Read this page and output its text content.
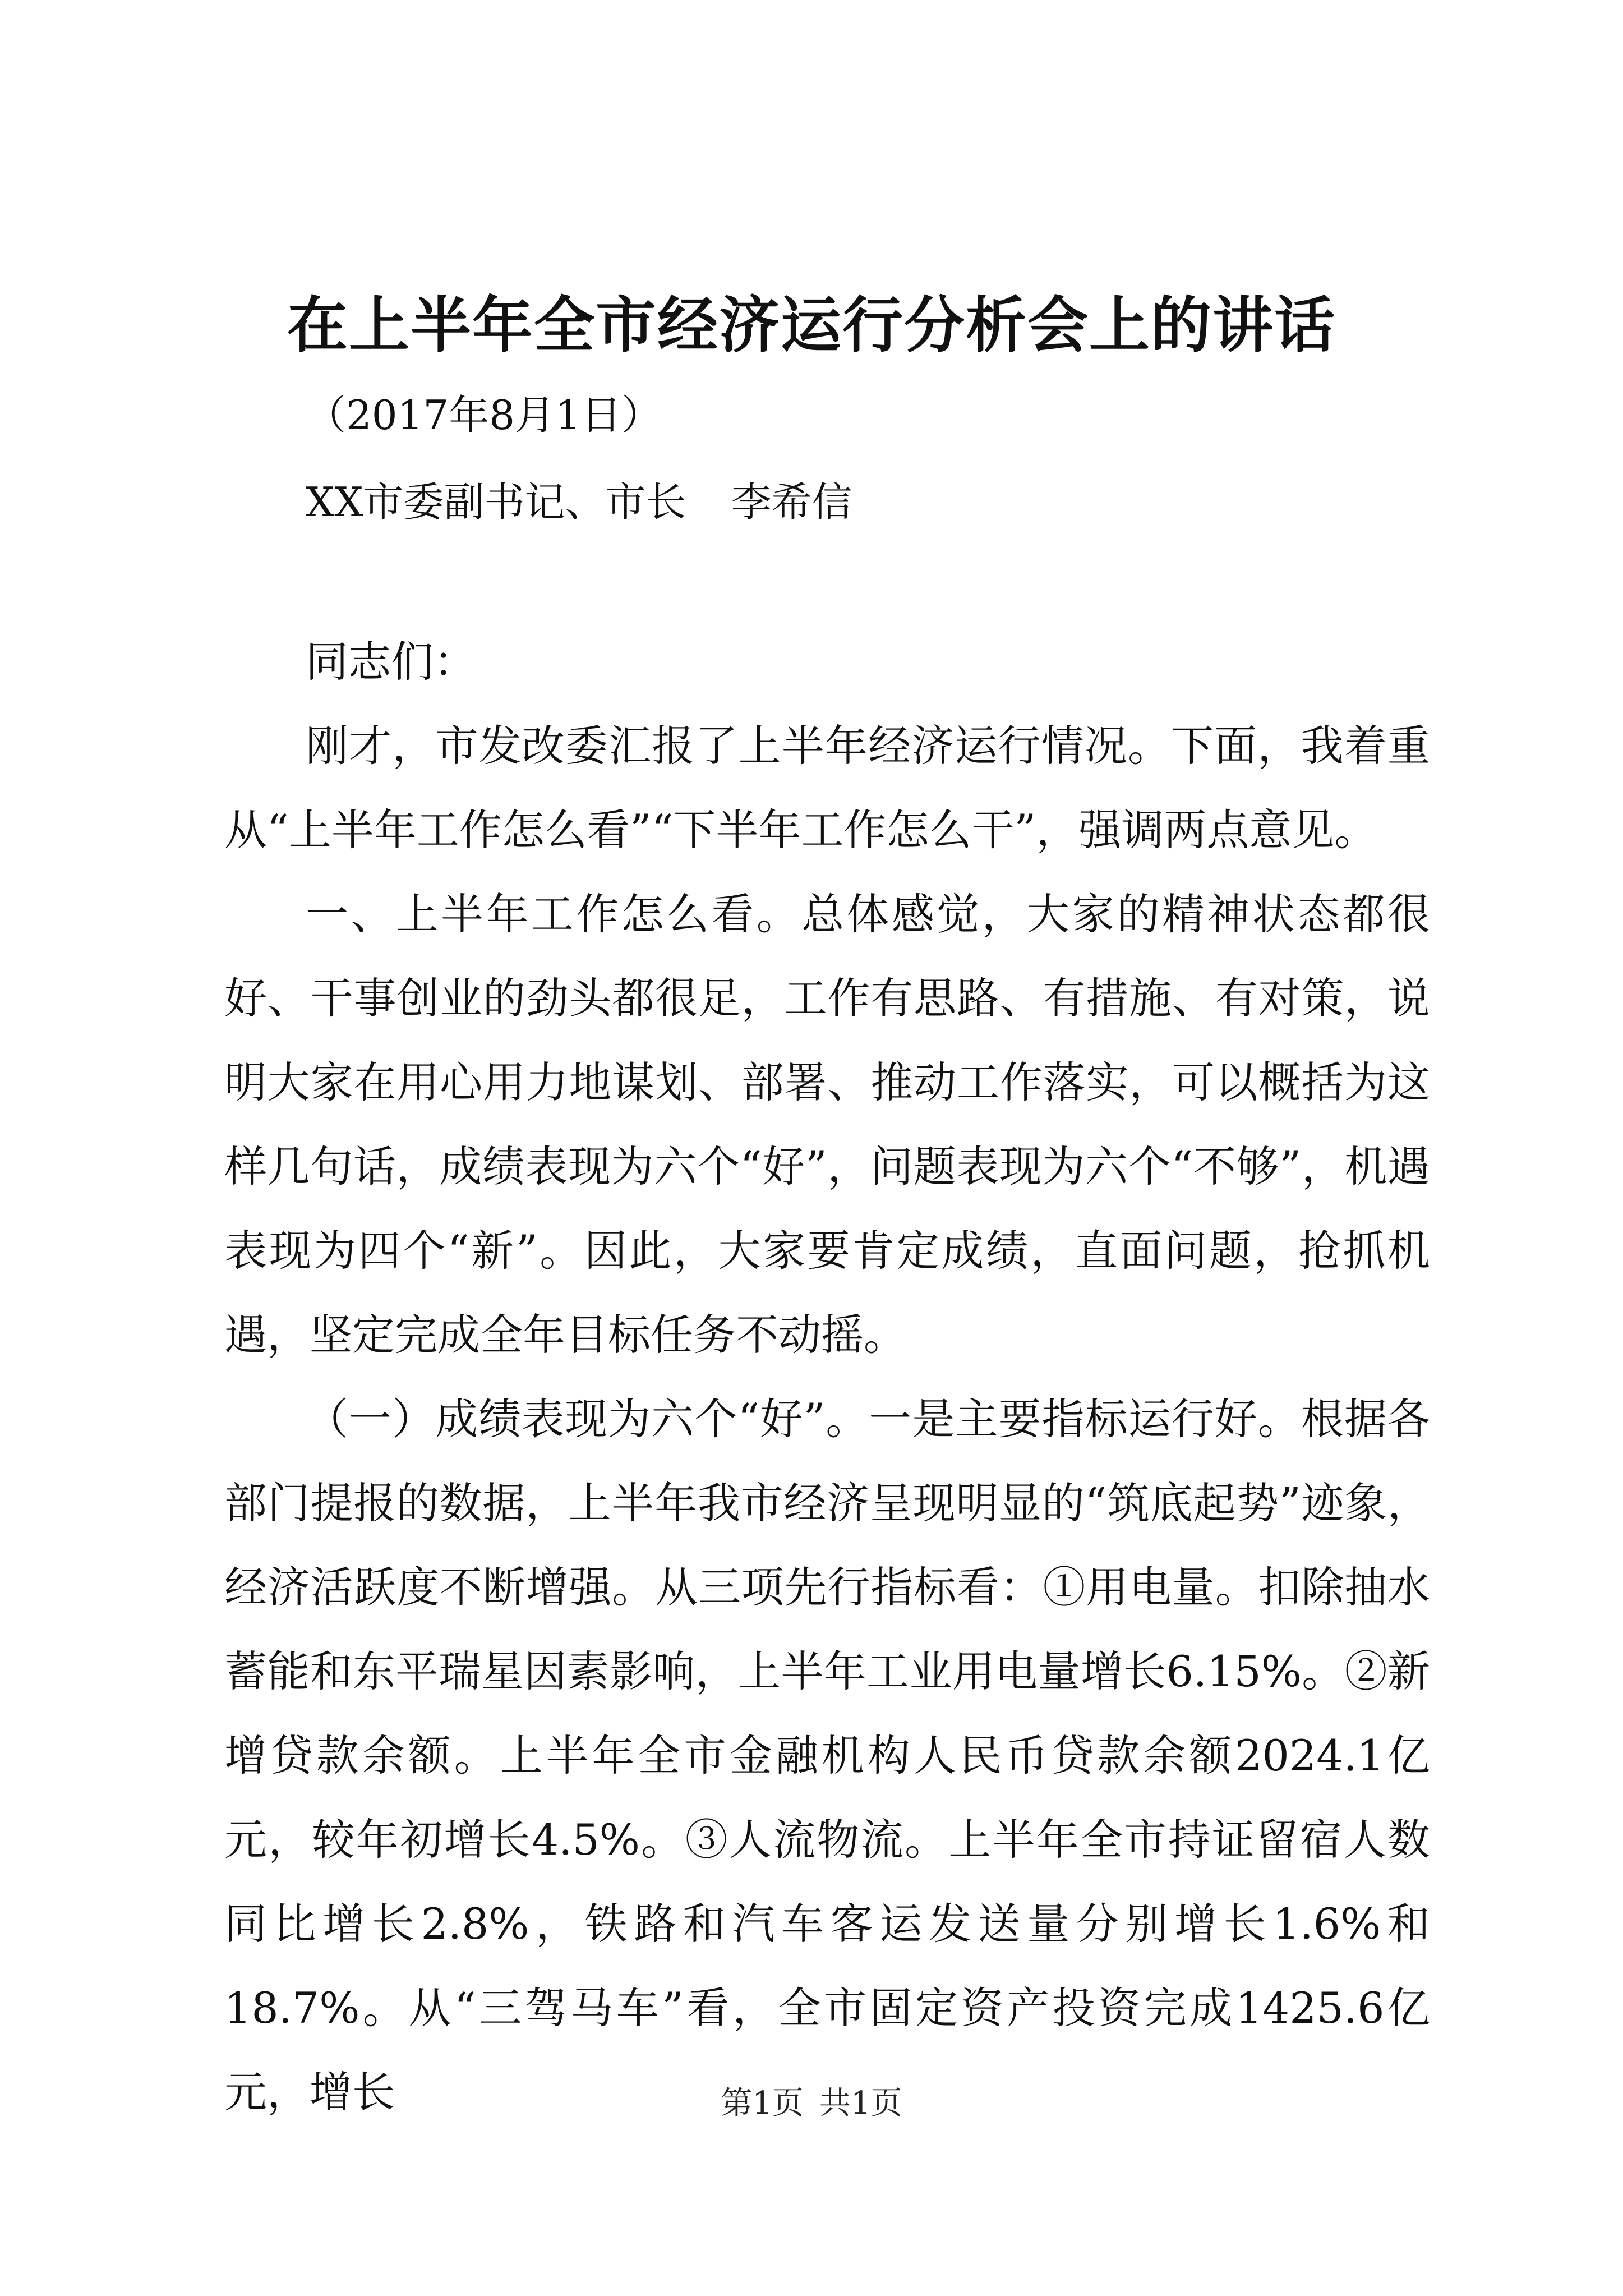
在上半年全市经济运行分析会上的讲话
（2017年8月1日）
XX市委副书记、市长 李希信
同志们：

刚才，市发改委汇报了上半年经济运行情况。下面，我着重从“上半年工作怎么看”“下半年工作怎么干”，强调两点意见。

一、上半年工作怎么看。总体感觉，大家的精神状态都很好、干事创业的劲头都很足，工作有思路、有措施、有对策，说明大家在用心用力地谋划、部署、推动工作落实，可以概括为这样几句话，成绩表现为六个“好”，问题表现为六个“不够”，机遇表现为四个“新”。因此，大家要肯定成绩，直面问题，抢抓机遇，坚定完成全年目标任务不动摇。

（一）成绩表现为六个“好”。一是主要指标运行好。根据各部门提报的数据，上半年我市经济呈现明显的“筑底起势”迹象，经济活跃度不断增强。从三项先行指标看：①用电量。扣除抽水蓄能和东平瑞星因素影响，上半年工业用电量增长6.15%。②新增贷款余额。上半年全市金融机构人民币贷款余额2024.1亿元，较年初增长4.5%。③人流物流。上半年全市持证留宿人数同比增长2.8%，铁路和汽车客运发送量分别增长1.6%和18.7%。从“三驾马车”看，全市固定资产投资完成1425.6亿元，增长	第1页 共1页
